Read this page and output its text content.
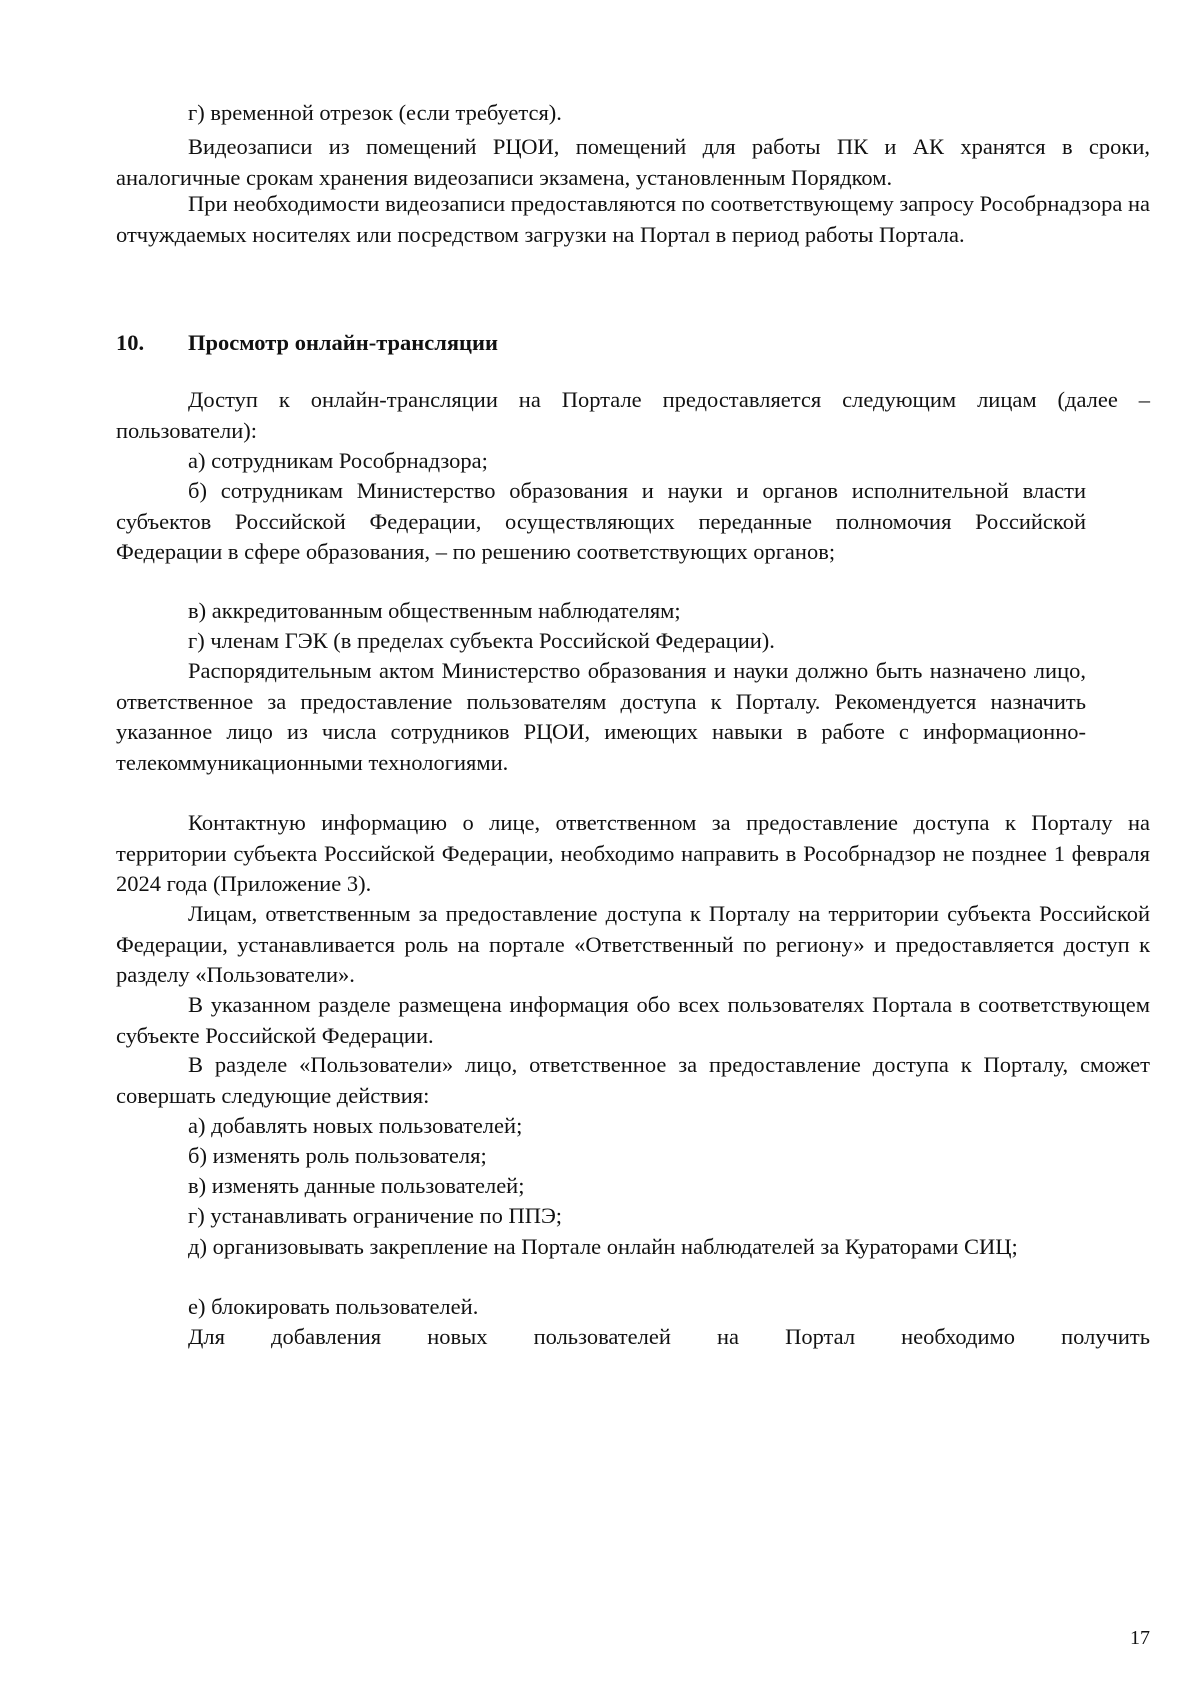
г) временной отрезок (если требуется).

Видеозаписи из помещений РЦОИ, помещений для работы ПК и АК хранятся в сроки, аналогичные срокам хранения видеозаписи экзамена, установленным Порядком.

При необходимости видеозаписи предоставляются по соответствующему запросу Рособрнадзора на отчуждаемых носителях или посредством загрузки на Портал в период работы Портала.

10. Просмотр онлайн-трансляции

Доступ к онлайн-трансляции на Портале предоставляется следующим лицам (далее – пользователи):

а) сотрудникам Рособрнадзора;

б) сотрудникам Министерство образования и науки и органов исполнительной власти субъектов Российской Федерации, осуществляющих переданные полномочия Российской Федерации в сфере образования, – по решению соответствующих органов;

в) аккредитованным общественным наблюдателям;

г) членам ГЭК (в пределах субъекта Российской Федерации).

Распорядительным актом Министерство образования и науки должно быть назначено лицо, ответственное за предоставление пользователям доступа к Порталу. Рекомендуется назначить указанное лицо из числа сотрудников РЦОИ, имеющих навыки в работе с информационно- телекоммуникационными технологиями.

Контактную информацию о лице, ответственном за предоставление доступа к Порталу на территории субъекта Российской Федерации, необходимо направить в Рособрнадзор не позднее 1 февраля 2024 года (Приложение 3).

Лицам, ответственным за предоставление доступа к Порталу на территории субъекта Российской Федерации, устанавливается роль на портале «Ответственный по региону» и предоставляется доступ к разделу «Пользователи».

В указанном разделе размещена информация обо всех пользователях Портала в соответствующем субъекте Российской Федерации.

В разделе «Пользователи» лицо, ответственное за предоставление доступа к Порталу, сможет совершать следующие действия:

а) добавлять новых пользователей;

б) изменять роль пользователя;

в) изменять данные пользователей;

г) устанавливать ограничение по ППЭ;

д) организовывать закрепление на Портале онлайн наблюдателей за Кураторами СИЦ;

е) блокировать пользователей.

Для добавления новых пользователей на Портал необходимо получить

17
